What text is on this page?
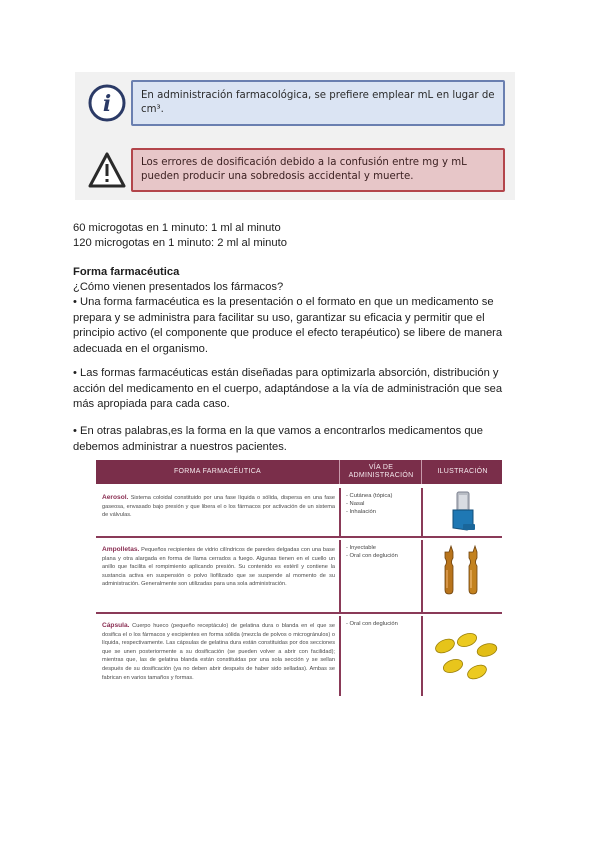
i	En administración farmacológica, se prefiere emplear mL en lugar de cm³.
Los errores de dosificación debido a la confusión entre mg y mL pueden producir una sobredosis accidental y muerte.

60 microgotas en 1 minuto: 1 ml al minuto

120 microgotas en 1 minuto: 2 ml al minuto

Forma farmacéutica

¿Cómo vienen presentados los fármacos?

• Una forma farmacéutica es la presentación o el formato en que un medicamento se prepara y se administra para facilitar su uso, garantizar su eficacia y permitir que el principio activo (el componente que produce el efecto terapéutico) se libere de manera adecuada en el organismo.

• Las formas farmacéuticas están diseñadas para optimizarla absorción, distribución y acción del medicamento en el cuerpo, adaptándose a la vía de administración que sea más apropiada para cada caso.

• En otras palabras,es la forma en la que vamos a encontrarlos medicamentos que debemos administrar a nuestros pacientes.

FORMA FARMACÉUTICA
VÍA DE ADMINISTRACIÓN
ILUSTRACIÓN
Aerosol. Sistema coloidal constituido por una fase líquida o sólida, dispersa en una fase gaseosa, envasado bajo presión y que libera el o los fármacos por activación de un sistema de válvulas.
- Cutánea (tópica)
- Nasal
- Inhalación
Ampolletas. Pequeños recipientes de vidrio cilíndricos de paredes delgadas con una base plana y otra alargada en forma de llama cerrados a fuego. Algunas tienen en el cuello un anillo que facilita el rompimiento aplicando presión. Su contenido es estéril y contiene la sustancia activa en suspensión o polvo liofilizado que se suspende al momento de su administración. Generalmente son utilizadas para una sola administración.
- Inyectable
- Oral con deglución
Cápsula. Cuerpo hueco (pequeño receptáculo) de gelatina dura o blanda en el que se dosifica el o los fármacos y excipientes en forma sólida (mezcla de polvos o microgránulos) o líquida, respectivamente. Las cápsulas de gelatina dura están constituidas por dos secciones que se unen posteriormente a su dosificación (se pueden volver a abrir con facilidad); mientras que, las de gelatina blanda están constituidas por una sola sección y se sellan después de su dosificación (ya no deben abrir después de haber sido selladas). Ambas se fabrican en varios tamaños y formas.
- Oral con deglución
